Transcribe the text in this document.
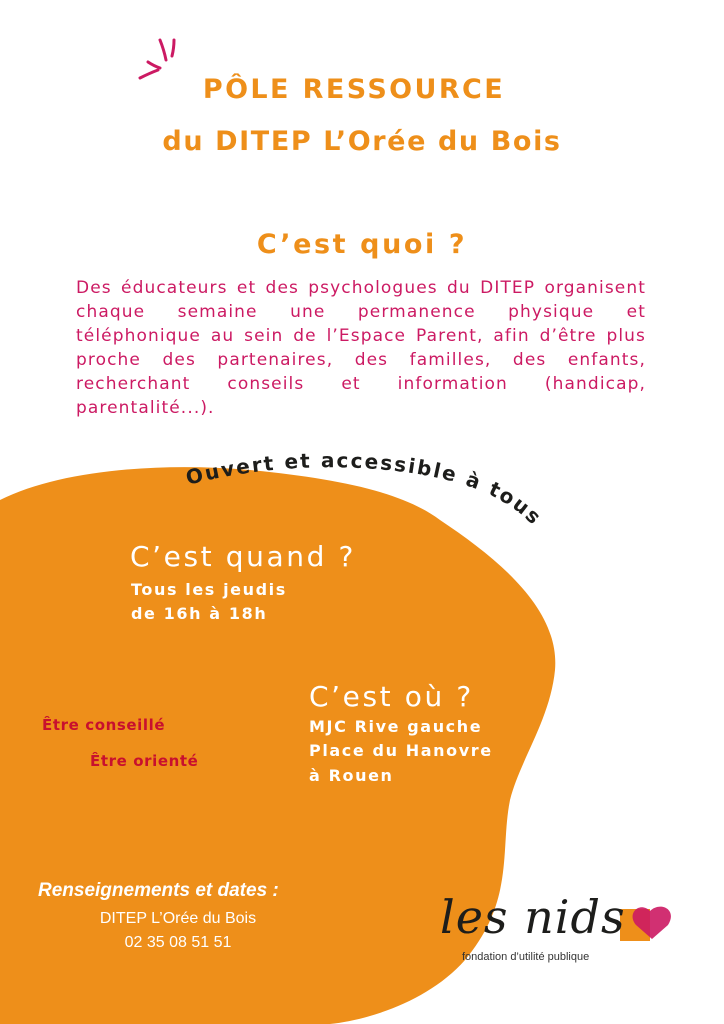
PÔLE RESSOURCE
du DITEP L’Orée du Bois
C’est quoi ?
Des éducateurs et des psychologues du DITEP organisent chaque semaine une permanence physique et téléphonique au sein de l’Espace Parent, afin d’être plus proche des partenaires, des familles, des enfants, recherchant conseils et information (handicap, parentalité...).
Ouvert et accessible à tous
C’est quand ?
Tous les jeudis
de 16h à 18h
C’est où ?
MJC Rive gauche
Place du Hanovre
à Rouen
Être conseillé
Être orienté
Renseignements et dates :
DITEP L’Orée du Bois
02 35 08 51 51	les nids
fondation d’utilité publique
